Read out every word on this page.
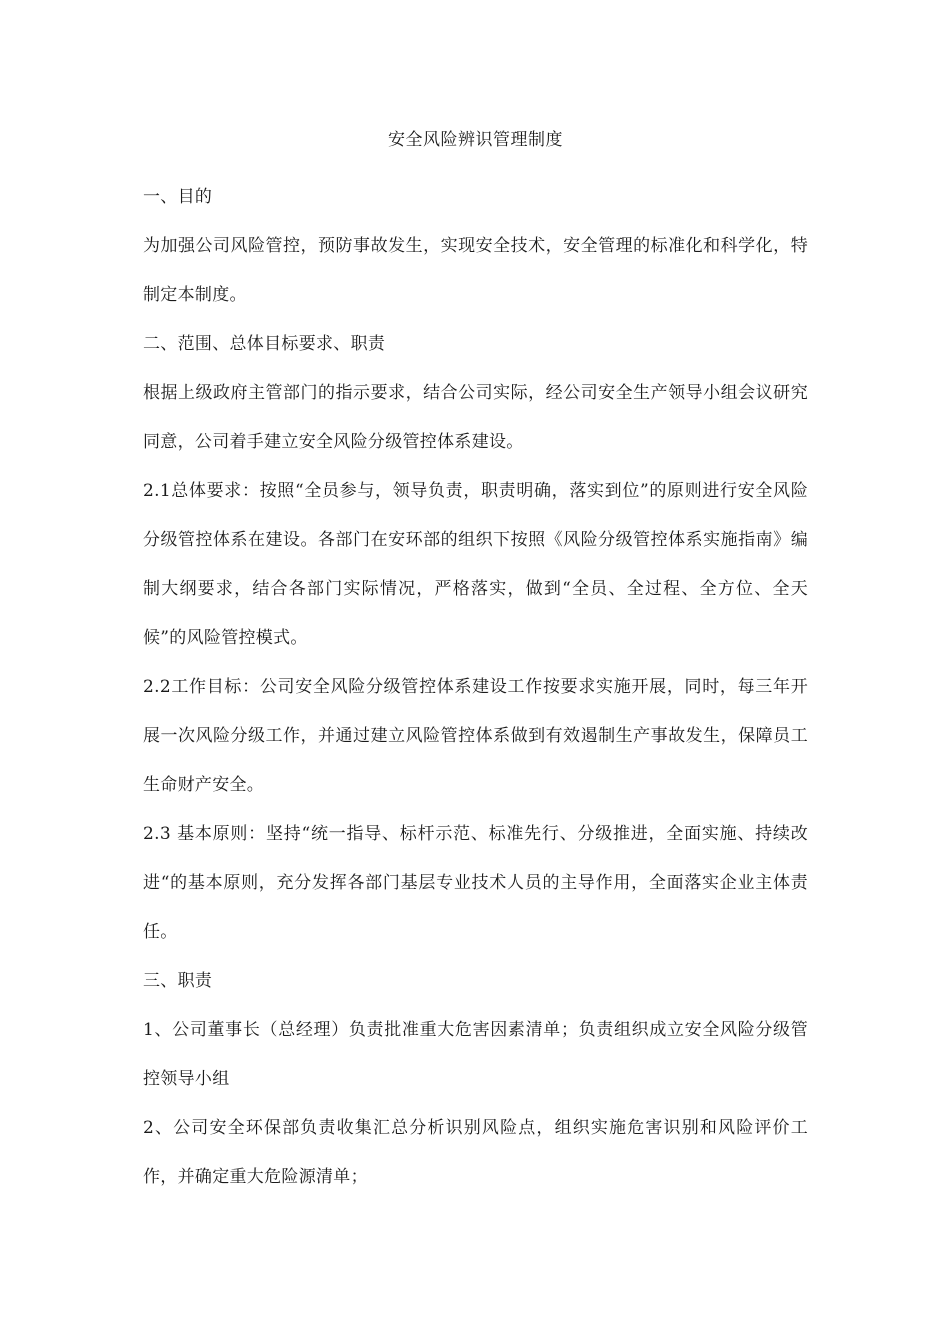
安全风险辨识管理制度

一、目的

为加强公司风险管控，预防事故发生，实现安全技术，安全管理的标准化和科学化，特制定本制度。

二、范围、总体目标要求、职责

根据上级政府主管部门的指示要求，结合公司实际，经公司安全生产领导小组会议研究同意，公司着手建立安全风险分级管控体系建设。

2.1总体要求：按照“全员参与，领导负责，职责明确，落实到位”的原则进行安全风险分级管控体系在建设。各部门在安环部的组织下按照《风险分级管控体系实施指南》编制大纲要求，结合各部门实际情况，严格落实，做到“全员、全过程、全方位、全天候”的风险管控模式。

2.2工作目标：公司安全风险分级管控体系建设工作按要求实施开展，同时，每三年开展一次风险分级工作，并通过建立风险管控体系做到有效遏制生产事故发生，保障员工生命财产安全。

2.3 基本原则：坚持“统一指导、标杆示范、标准先行、分级推进，全面实施、持续改进“的基本原则，充分发挥各部门基层专业技术人员的主导作用，全面落实企业主体责任。

三、职责

1、公司董事长（总经理）负责批准重大危害因素清单；负责组织成立安全风险分级管控领导小组

2、公司安全环保部负责收集汇总分析识别风险点，组织实施危害识别和风险评价工作，并确定重大危险源清单；
